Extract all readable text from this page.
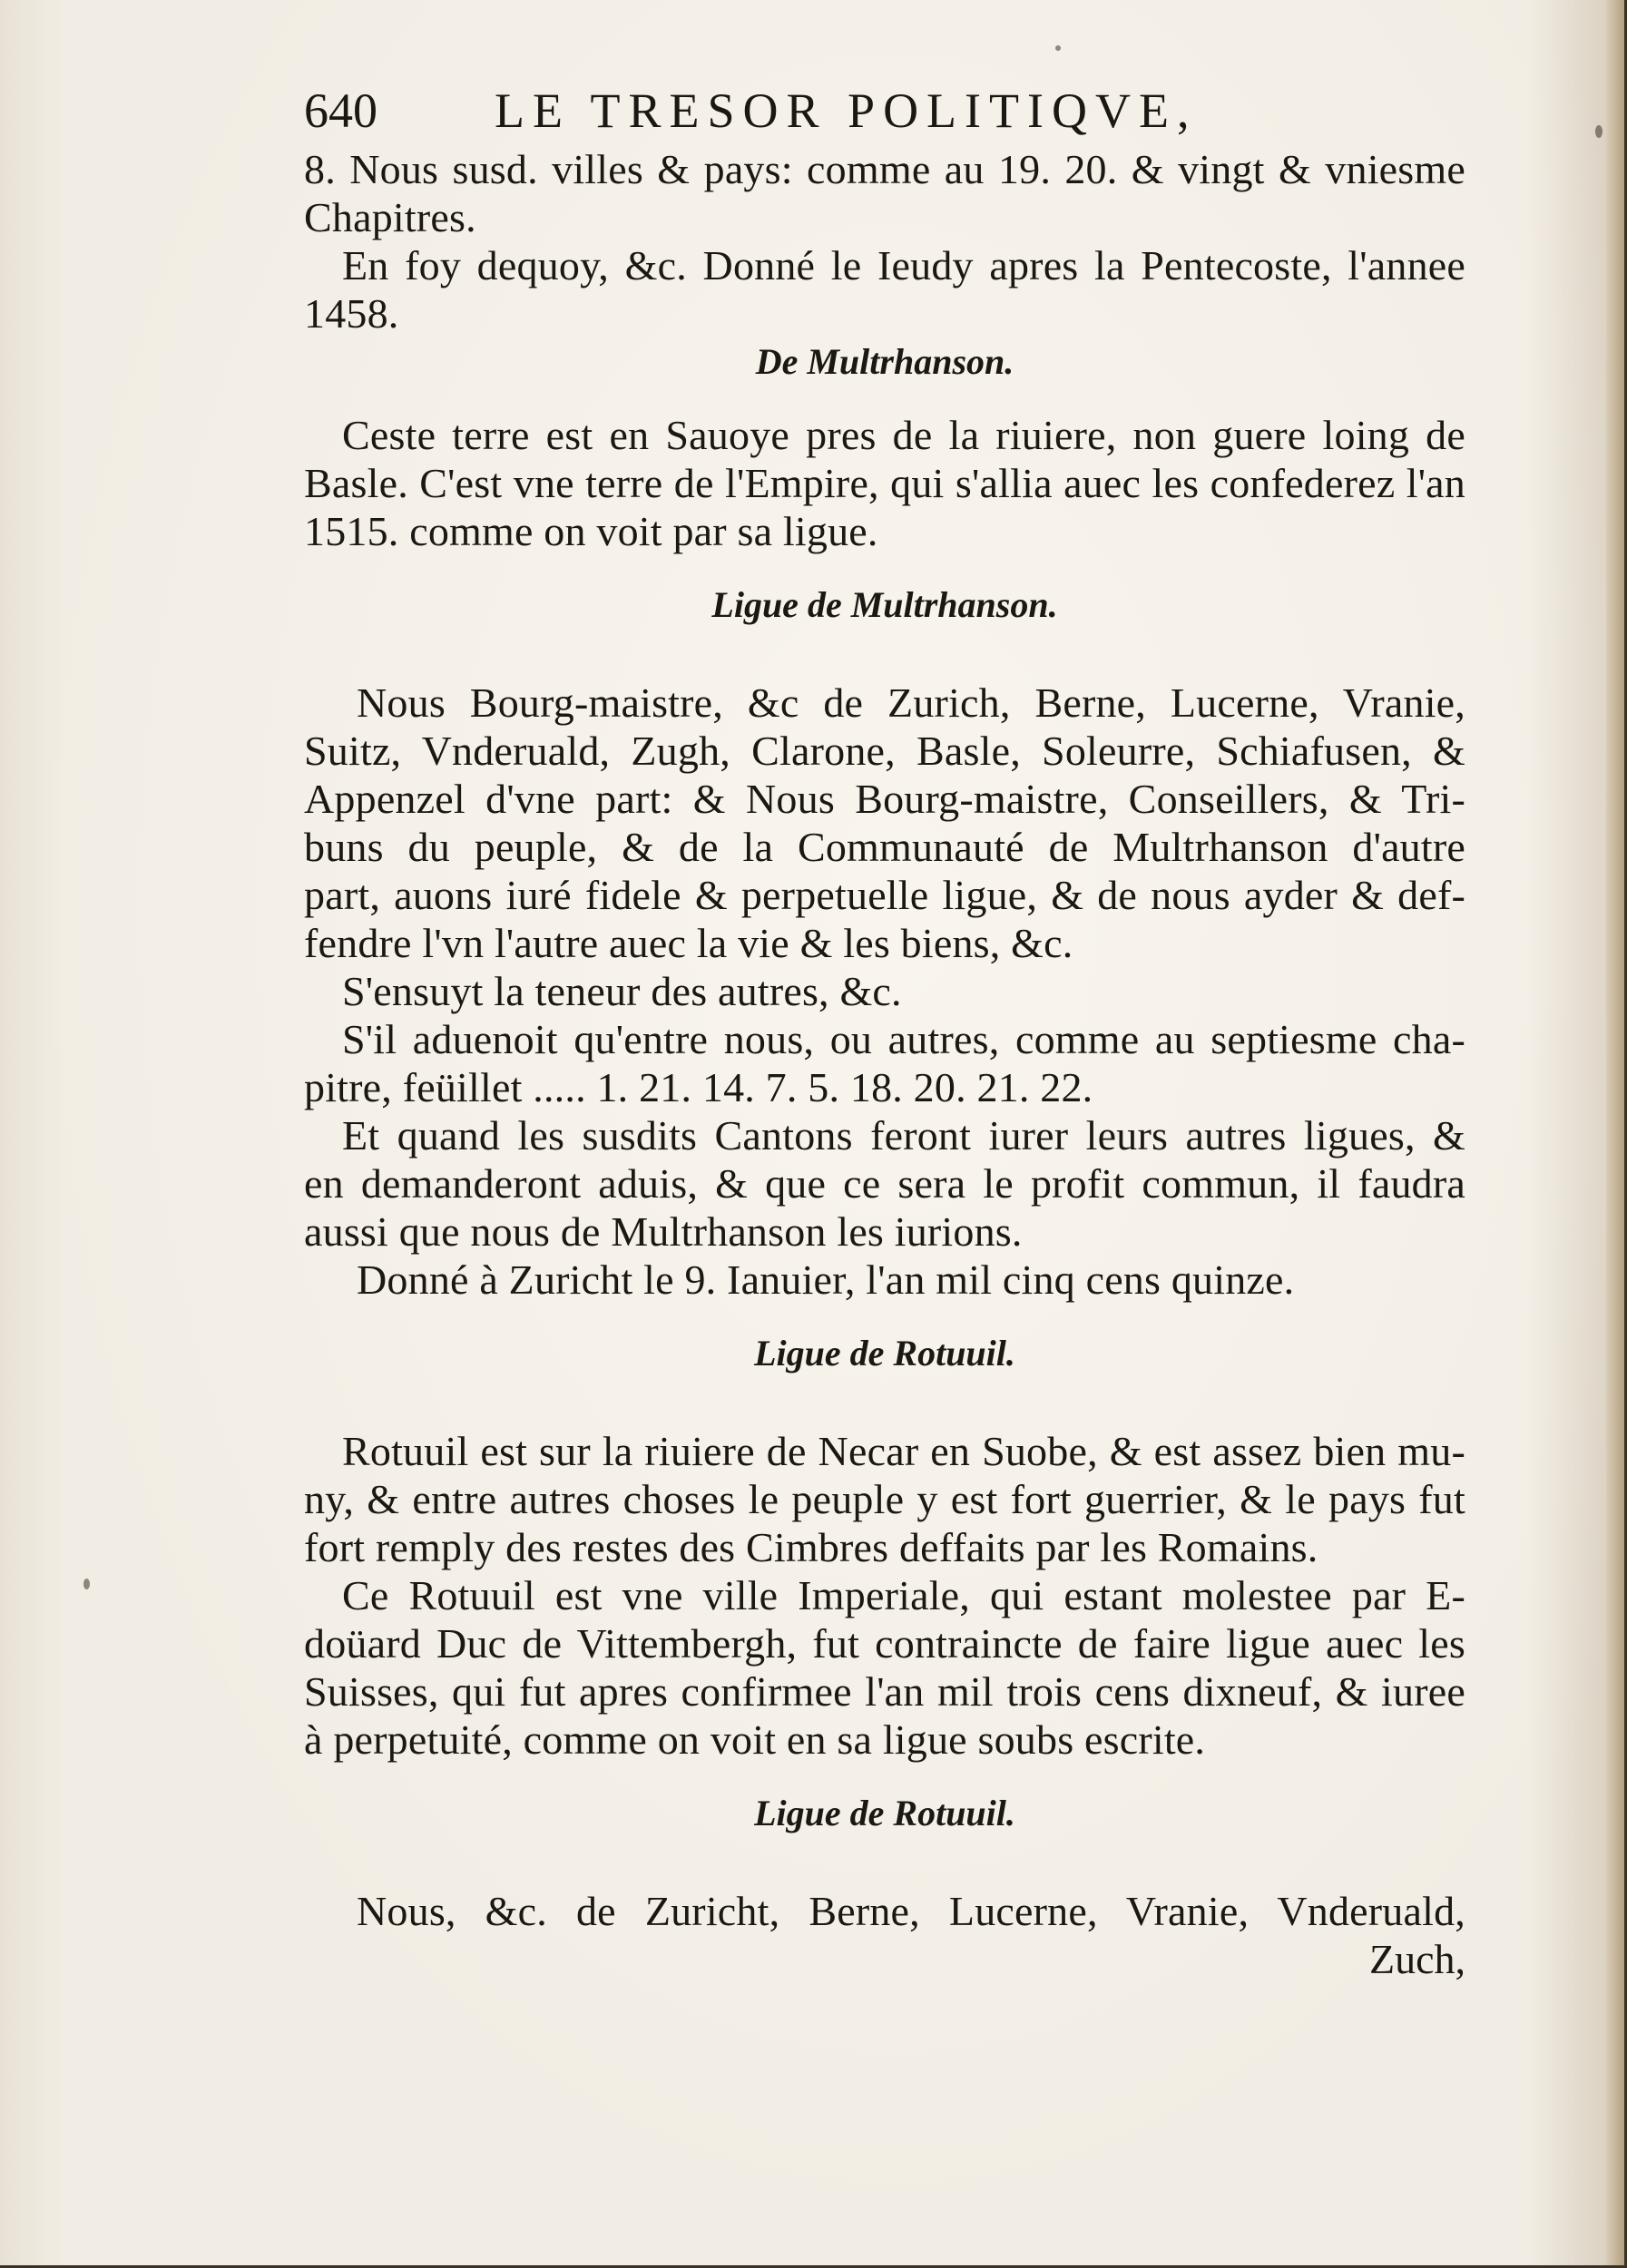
640 LE TRESOR POLITIQVE,
8. Nous susd. villes & pays: comme au 19. 20. & vingt & vniesme
Chapitres.
En foy dequoy, &c. Donné le Ieudy apres la Pentecoste, l'annee
1458.
De Multrhanson.
Ceste terre est en Sauoye pres de la riuiere, non guere loing de
Basle. C'est vne terre de l'Empire, qui s'allia auec les confederez l'an
1515. comme on voit par sa ligue.
Ligue de Multrhanson.
Nous Bourg-maistre, &c de Zurich, Berne, Lucerne, Vranie,
Suitz, Vnderuald, Zugh, Clarone, Basle, Soleurre, Schiafusen, &
Appenzel d'vne part: & Nous Bourg-maistre, Conseillers, & Tri-
buns du peuple, & de la Communauté de Multrhanson d'autre
part, auons iuré fidele & perpetuelle ligue, & de nous ayder & def-
fendre l'vn l'autre auec la vie & les biens, &c.
S'ensuyt la teneur des autres, &c.
S'il aduenoit qu'entre nous, ou autres, comme au septiesme cha-
pitre, feüillet ..... 1. 21. 14. 7. 5. 18. 20. 21. 22.
Et quand les susdits Cantons feront iurer leurs autres ligues, &
en demanderont aduis, & que ce sera le profit commun, il faudra
aussi que nous de Multrhanson les iurions.
Donné à Zuricht le 9. Ianuier, l'an mil cinq cens quinze.
Ligue de Rotuuil.
Rotuuil est sur la riuiere de Necar en Suobe, & est assez bien mu-
ny, & entre autres choses le peuple y est fort guerrier, & le pays fut
fort remply des restes des Cimbres deffaits par les Romains.
Ce Rotuuil est vne ville Imperiale, qui estant molestee par E-
doüard Duc de Vittembergh, fut contraincte de faire ligue auec les
Suisses, qui fut apres confirmee l'an mil trois cens dixneuf, & iuree
à perpetuité, comme on voit en sa ligue soubs escrite.
Ligue de Rotuuil.
Nous, &c. de Zuricht, Berne, Lucerne, Vranie, Vnderuald,
Zuch,
